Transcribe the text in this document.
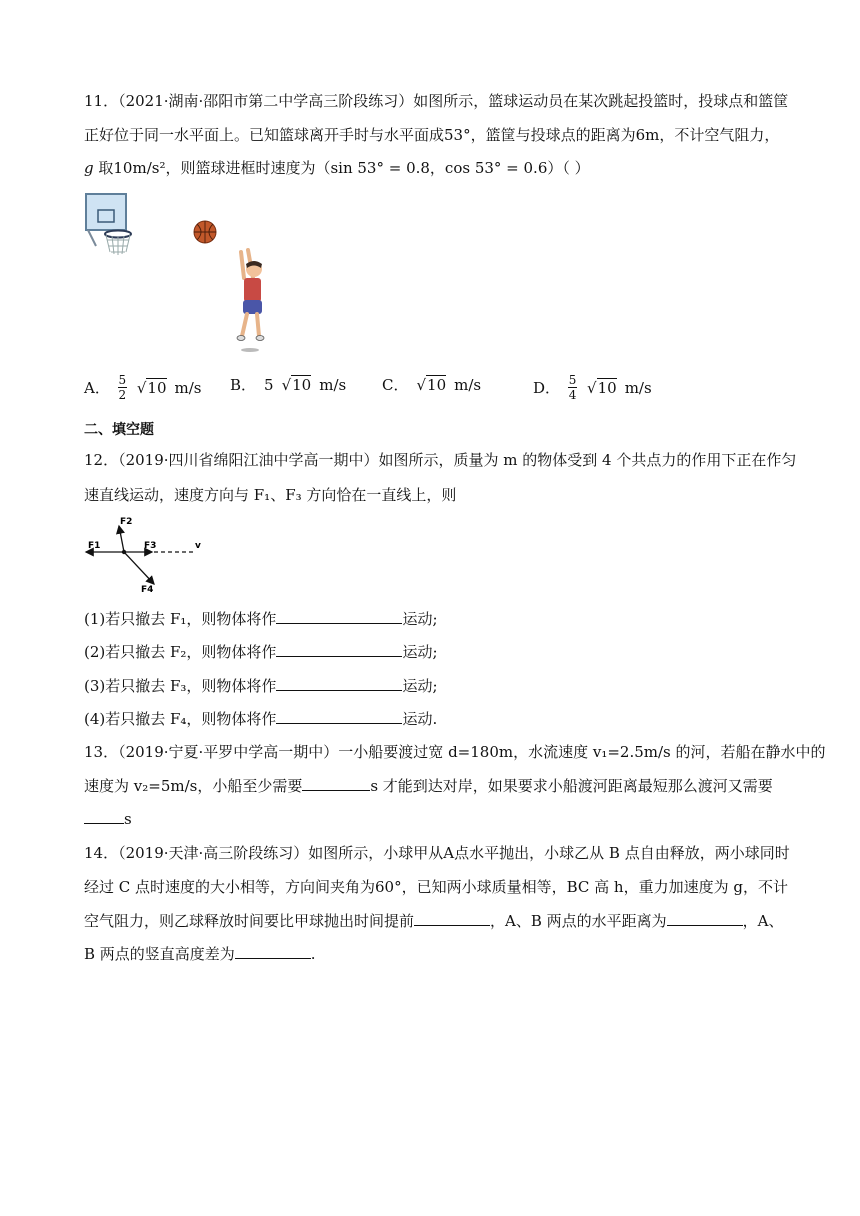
11．（2021·湖南·邵阳市第二中学高三阶段练习）如图所示，篮球运动员在某次跳起投篮时，投球点和篮筐
正好位于同一水平面上。已知篮球离开手时与水平面成53°，篮筐与投球点的距离为6m，不计空气阻力，
g 取10m/s²，则篮球进框时速度为（sin 53° = 0.8，cos 53° = 0.6）（ ）
A． $\frac{5}{2}$ √ 10 m/s B． 5 √ 10 m/s C． √ 10 m/s	D． $\frac{5}{4}$ √ 10 m/s
二、填空题
12．（2019·四川省绵阳江油中学高一期中）如图所示，质量为 m 的物体受到 4 个共点力的作用下正在作匀
速直线运动，速度方向与 F₁、F₃ 方向恰在一直线上，则
F1
F2
F3
F4
v
(1)若只撤去 F₁，则物体将作	运动;
(2)若只撤去 F₂，则物体将作	运动;
(3)若只撤去 F₃，则物体将作	运动;
(4)若只撤去 F₄，则物体将作	运动.
13．（2019·宁夏·平罗中学高一期中）一小船要渡过宽 d=180m，水流速度 v₁=2.5m/s 的河，若船在静水中的
速度为 v₂=5m/s，小船至少需要	s 才能到达对岸，如果要求小船渡河距离最短那么渡河又需要
s
14．（2019·天津·高三阶段练习）如图所示，小球甲从A点水平抛出，小球乙从 B 点自由释放，两小球同时
经过 C 点时速度的大小相等，方向间夹角为60°，已知两小球质量相等，BC 高 h，重力加速度为 g，不计
空气阻力，则乙球释放时间要比甲球抛出时间提前	，A、B 两点的水平距离为	，A、
B 两点的竖直高度差为	.
